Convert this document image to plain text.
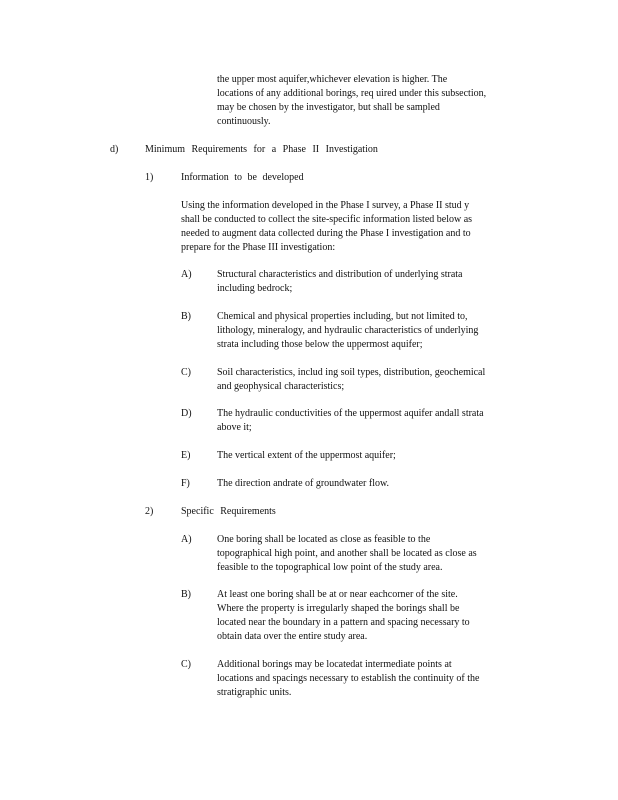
the upper most aquifer,whichever elevation is higher. The
locations of any additional borings, req uired under this subsection,
may be chosen by the investigator, but shall be sampled
continuously.
d)	Minimum Requirements for a Phase II Investigation
1)	Information to be developed
Using the information developed in the Phase I survey, a Phase II stud y
shall be conducted to collect the site-specific information listed below as
needed to augment data collected during the Phase I investigation and to
prepare for the Phase III investigation:
A)	Structural characteristics and distribution of underlying strata
including bedrock;
B)	Chemical and physical properties including, but not limited to,
lithology, mineralogy, and hydraulic characteristics of underlying
strata including those below the uppermost aquifer;
C)	Soil characteristics, includ ing soil types, distribution, geochemical
and geophysical characteristics;
D)	The hydraulic conductivities of the uppermost aquifer andall strata
above it;
E)	The vertical extent of the uppermost aquifer;
F)	The direction andrate of groundwater flow.
2)	Specific Requirements
A)	One boring shall be located as close as feasible to the
topographical high point, and another shall be located as close as
feasible to the topographical low point of the study area.
B)	At least one boring shall be at or near eachcorner of the site.
Where the property is irregularly shaped the borings shall be
located near the boundary in a pattern and spacing necessary to
obtain data over the entire study area.
C)	Additional borings may be locatedat intermediate points at
locations and spacings necessary to establish the continuity of the
stratigraphic units.
